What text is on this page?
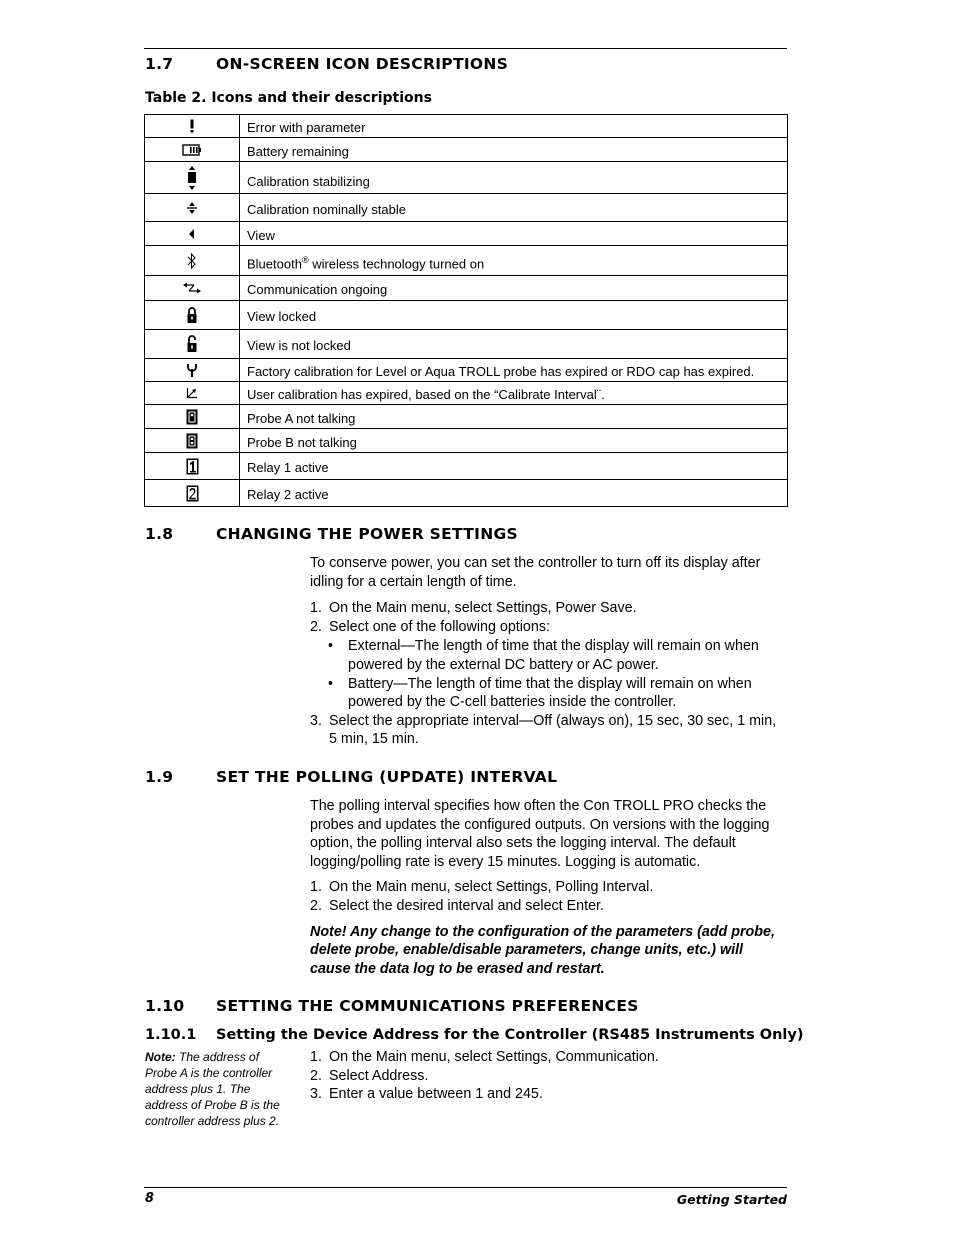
1.7	ON-SCREEN ICON DESCRIPTIONS
Table 2. Icons and their descriptions
	Error with parameter

	Battery remaining

	Calibration stabilizing

	Calibration nominally stable

	View

	Bluetooth® wireless technology turned on

	Communication ongoing

	View locked

	View is not locked

	Factory calibration for Level or Aqua TROLL probe has expired or RDO cap has expired.

	User calibration has expired, based on the “Calibrate Interval¨.

	Probe A not talking

	Probe B not talking

	Relay 1 active

	Relay 2 active
1.8	CHANGING THE POWER SETTINGS

To conserve power, you can set the controller to turn off its display after idling for a certain length of time.

1. On the Main menu, select Settings, Power Save.
2. Select one of the following options:
• External—The length of time that the display will remain on when powered by the external DC battery or AC power.
• Battery—The length of time that the display will remain on when powered by the C-cell batteries inside the controller.
3. Select the appropriate interval—Off (always on), 15 sec, 30 sec, 1 min, 5 min, 15 min.
1.9	SET THE POLLING (UPDATE) INTERVAL

The polling interval specifies how often the Con TROLL PRO checks the probes and updates the configured outputs. On versions with the logging option, the polling interval also sets the logging interval. The default logging/polling rate is every 15 minutes. Logging is automatic.

1. On the Main menu, select Settings, Polling Interval.
2. Select the desired interval and select Enter.

Note! Any change to the configuration of the parameters (add probe, delete probe, enable/disable parameters, change units, etc.) will cause the data log to be erased and restart.

1.10 SETTING THE COMMUNICATIONS PREFERENCES
1.10.1 Setting the Device Address for the Controller (RS485 Instruments Only)
Note: The address of Probe A is the controller address plus 1. The address of Probe B is the controller address plus 2.
1. On the Main menu, select Settings, Communication.
2. Select Address.
3. Enter a value between 1 and 245.
8	Getting Started
